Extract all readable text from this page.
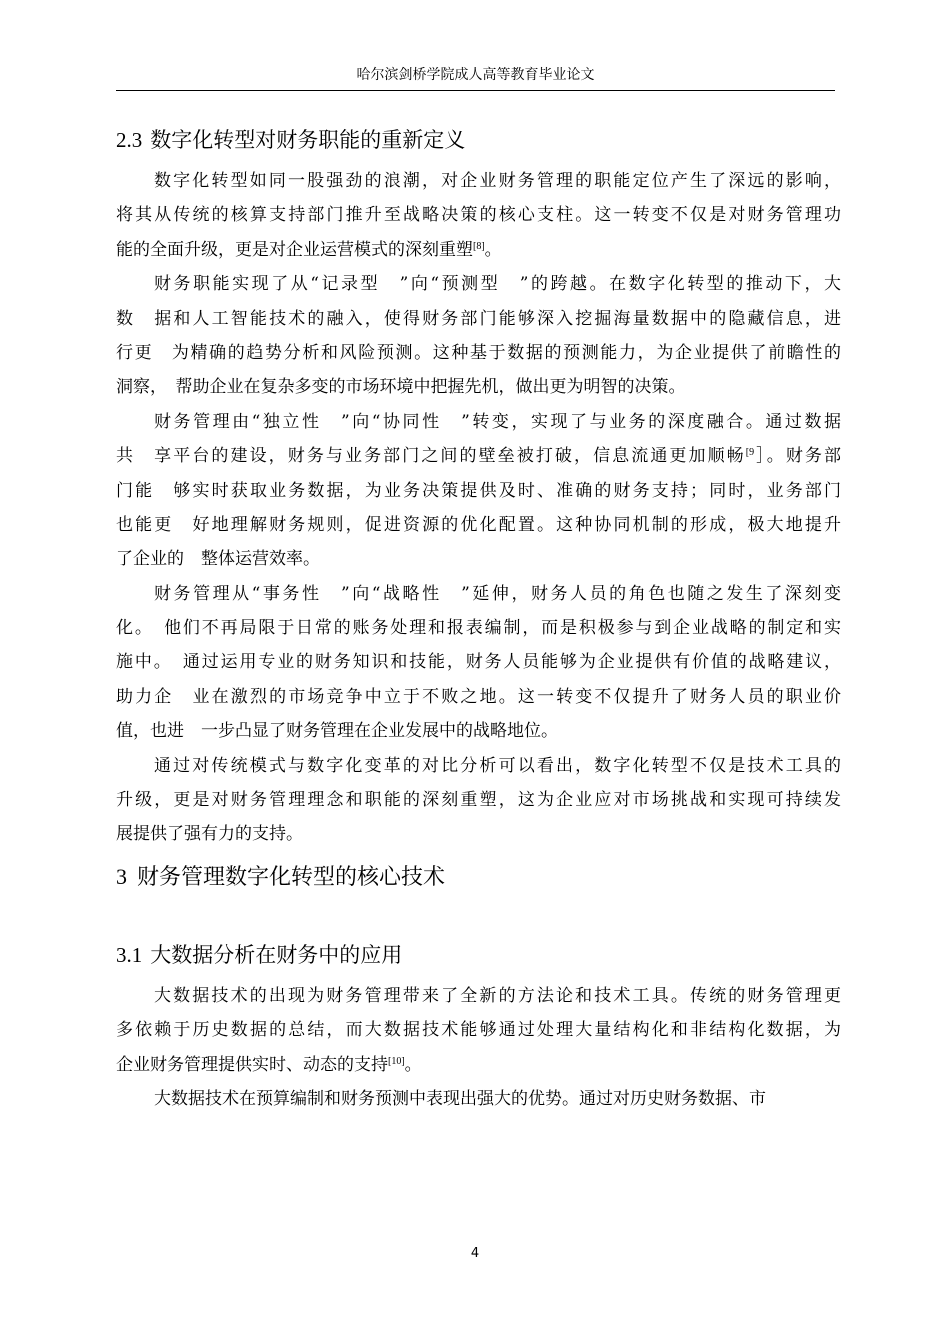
哈尔滨剑桥学院成人高等教育毕业论文
2.3 数字化转型对财务职能的重新定义
数字化转型如同一股强劲的浪潮，对企业财务管理的职能定位产生了深远的影响，
将其从传统的核算支持部门推升至战略决策的核心支柱。这一转变不仅是对财务管理功
能的全面升级，更是对企业运营模式的深刻重塑[8]。
财务职能实现了从“记录型　”向“预测型　”的跨越。在数字化转型的推动下，大
数　据和人工智能技术的融入，使得财务部门能够深入挖掘海量数据中的隐藏信息，进
行更　为精确的趋势分析和风险预测。这种基于数据的预测能力，为企业提供了前瞻性的
洞察，　帮助企业在复杂多变的市场环境中把握先机，做出更为明智的决策。
财务管理由“独立性　”向“协同性　”转变，实现了与业务的深度融合。通过数据
共　享平台的建设，财务与业务部门之间的壁垒被打破，信息流通更加顺畅$^{[9}$］。财务部
门能　够实时获取业务数据，为业务决策提供及时、准确的财务支持；同时，业务部门
也能更　好地理解财务规则，促进资源的优化配置。这种协同机制的形成，极大地提升
了企业的　整体运营效率。
财务管理从“事务性　”向“战略性　”延伸，财务人员的角色也随之发生了深刻变
化。　他们不再局限于日常的账务处理和报表编制，而是积极参与到企业战略的制定和实
施中。　通过运用专业的财务知识和技能，财务人员能够为企业提供有价值的战略建议，
助力企　业在激烈的市场竞争中立于不败之地。这一转变不仅提升了财务人员的职业价
值，也进　一步凸显了财务管理在企业发展中的战略地位。
通过对传统模式与数字化变革的对比分析可以看出，数字化转型不仅是技术工具的
升级，更是对财务管理理念和职能的深刻重塑，这为企业应对市场挑战和实现可持续发
展提供了强有力的支持。
3 财务管理数字化转型的核心技术
3.1 大数据分析在财务中的应用
大数据技术的出现为财务管理带来了全新的方法论和技术工具。传统的财务管理更
多依赖于历史数据的总结，而大数据技术能够通过处理大量结构化和非结构化数据，为
企业财务管理提供实时、动态的支持[10]。
大数据技术在预算编制和财务预测中表现出强大的优势。通过对历史财务数据、市
4
